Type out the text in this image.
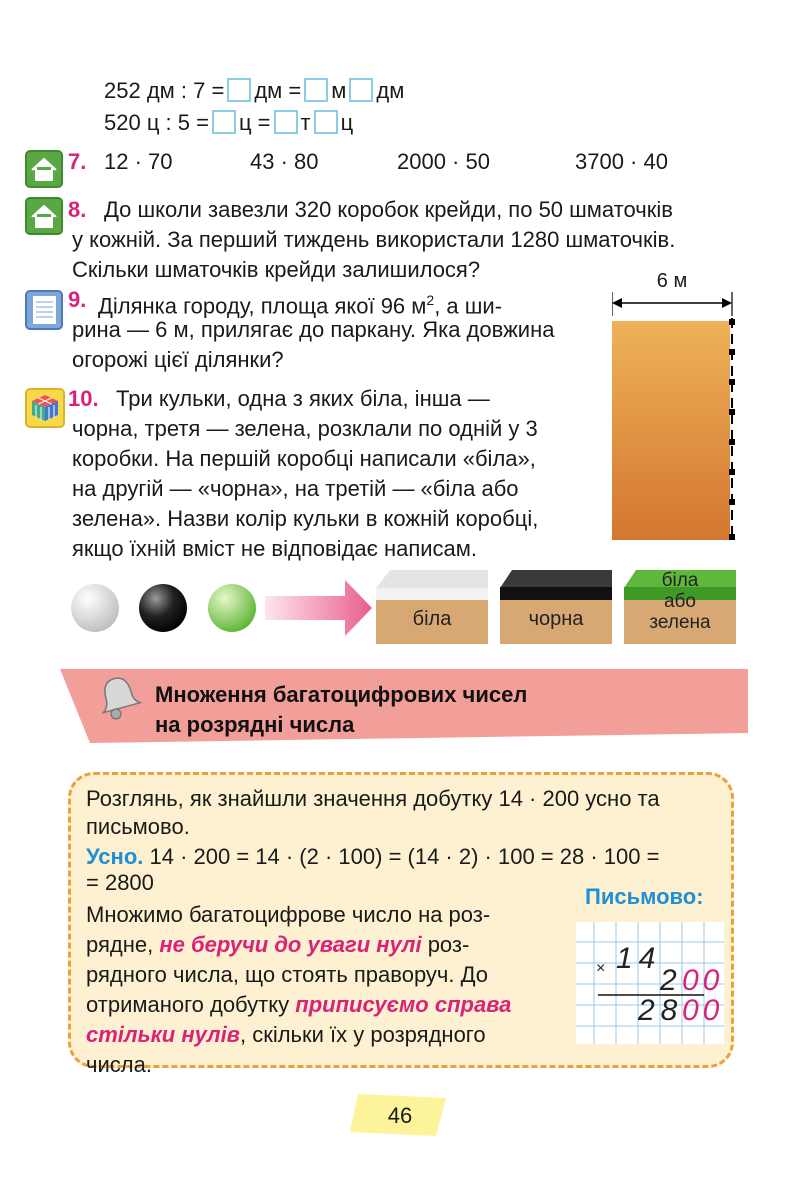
252 дм : 7 = дм = м дм
520 ц : 5 = ц = т ц
7. 12 · 70	43 · 80	2000 · 50	3700 · 40
8. До школи завезли 320 коробок крейди, по 50 шматочків
у кожній. За перший тиждень використали 1280 шматочків.
Скільки шматочків крейди залишилося?
9. Ділянка городу, площа якої 96 $м^2$, а ши-
рина — 6 м, прилягає до паркану. Яка довжина
огорожі цієї ділянки?
6 м
10. Три кульки, одна з яких біла, інша —
чорна, третя — зелена, розклали по одній у 3
коробки. На першій коробці написали «біла»,
на другій — «чорна», на третій — «біла або
зелена». Назви колір кульки в кожній коробці,
якщо їхній вміст не відповідає написам.
біла	чорна
біла
або
зелена
Множення багатоцифрових чисел
на розрядні числа
Розглянь, як знайшли значення добутку 14 · 200 усно та
письмово.
Усно. 14 · 200 = 14 · (2 · 100) = (14 · 2) · 100 = 28 · 100 =
= 2800
Письмово:
Множимо багатоцифрове число на роз-
рядне, не беручи до уваги нулі роз-
рядного числа, що стоять праворуч. До
отриманого добутку приписуємо справа
стільки нулів, скільки їх у розрядного
числа.
× 14
2 00
28
00
46
